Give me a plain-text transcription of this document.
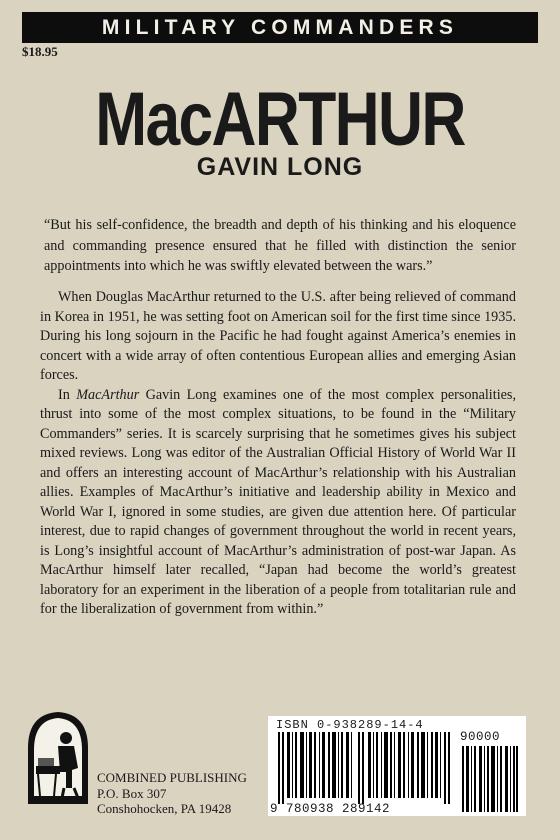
MILITARY COMMANDERS
$18.95
MacARTHUR
GAVIN LONG
“But his self-confidence, the breadth and depth of his thinking and his eloquence and commanding presence ensured that he filled with distinction the senior appointments into which he was swiftly elevated between the wars.”

When Douglas MacArthur returned to the U.S. after being relieved of command in Korea in 1951, he was setting foot on American soil for the first time since 1935. During his long sojourn in the Pacific he had fought against America’s enemies in concert with a wide array of often contentious European allies and emerging Asian forces.

In MacArthur Gavin Long examines one of the most complex personalities, thrust into some of the most complex situations, to be found in the “Military Commanders” series. It is scarcely surprising that he sometimes gives his subject mixed reviews. Long was editor of the Australian Official History of World War II and offers an interesting account of MacArthur’s relationship with his Australian allies. Examples of MacArthur’s initiative and leadership ability in Mexico and World War I, ignored in some studies, are given due attention here. Of particular interest, due to rapid changes of government throughout the world in recent years, is Long’s insightful account of MacArthur’s administration of post-war Japan. As MacArthur himself later recalled, “Japan had become the world’s greatest laboratory for an experiment in the liberation of a people from totalitarian rule and for the liberalization of government from within.”

COMBINED PUBLISHING
P.O. Box 307
Conshohocken, PA 19428
ISBN 0-938289-14-4
9 780938 289142
90000
